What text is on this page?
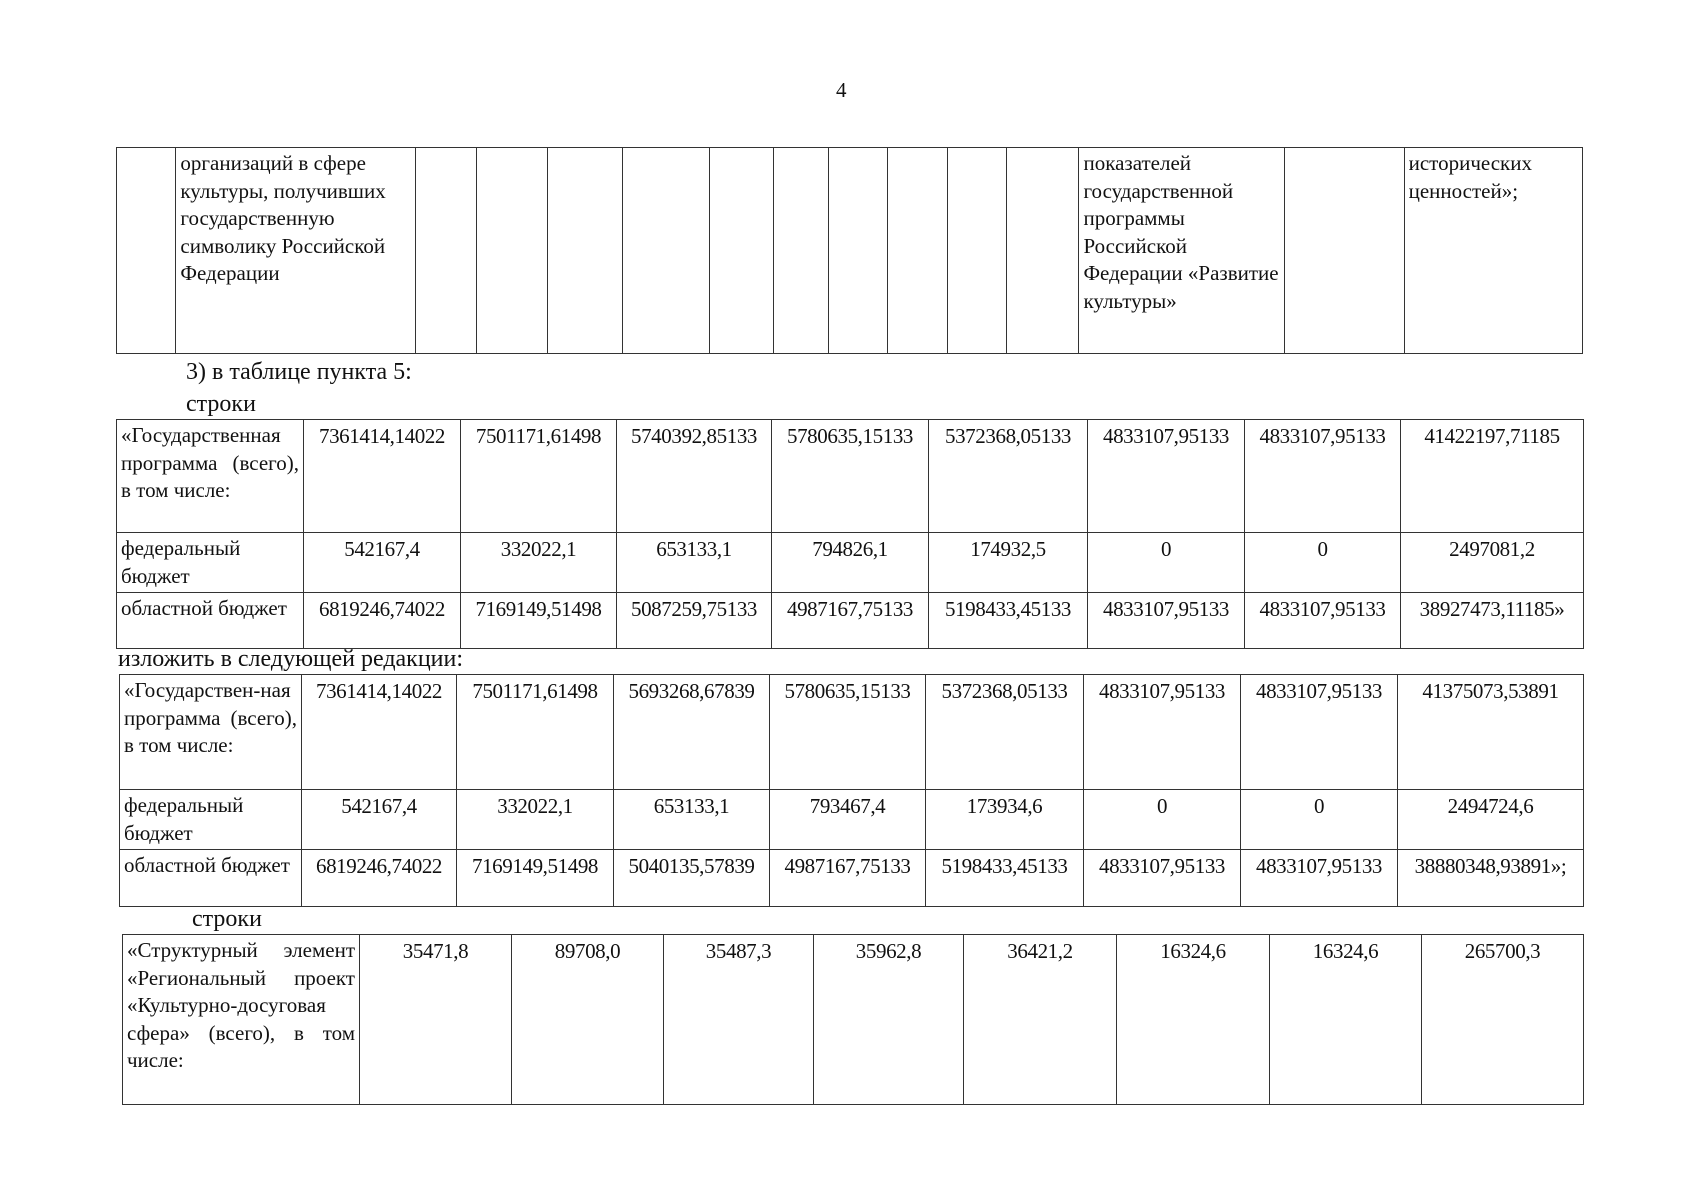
4
	организаций в сфере культуры, получивших государственную символику Российской Федерации											показателей государственной программы Российской Федерации «Развитие культуры»		исторических ценностей»;
3) в таблице пункта 5:
строки
«Государственная программа (всего), в том числе:	7361414,14022	7501171,61498	5740392,85133	5780635,15133	5372368,05133	4833107,95133	4833107,95133	41422197,71185
федеральный бюджет	542167,4	332022,1	653133,1	794826,1	174932,5	0	0	2497081,2
областной бюджет	6819246,74022	7169149,51498	5087259,75133	4987167,75133	5198433,45133	4833107,95133	4833107,95133	38927473,11185»
изложить в следующей редакции:
«Государствен-ная программа (всего), в том числе:	7361414,14022	7501171,61498	5693268,67839	5780635,15133	5372368,05133	4833107,95133	4833107,95133	41375073,53891
федеральный бюджет	542167,4	332022,1	653133,1	793467,4	173934,6	0	0	2494724,6
областной бюджет	6819246,74022	7169149,51498	5040135,57839	4987167,75133	5198433,45133	4833107,95133	4833107,95133	38880348,93891»;
строки
«Структурный элемент «Региональный проект «Культурно-досуговая сфера» (всего), в том числе:	35471,8	89708,0	35487,3	35962,8	36421,2	16324,6	16324,6	265700,3
